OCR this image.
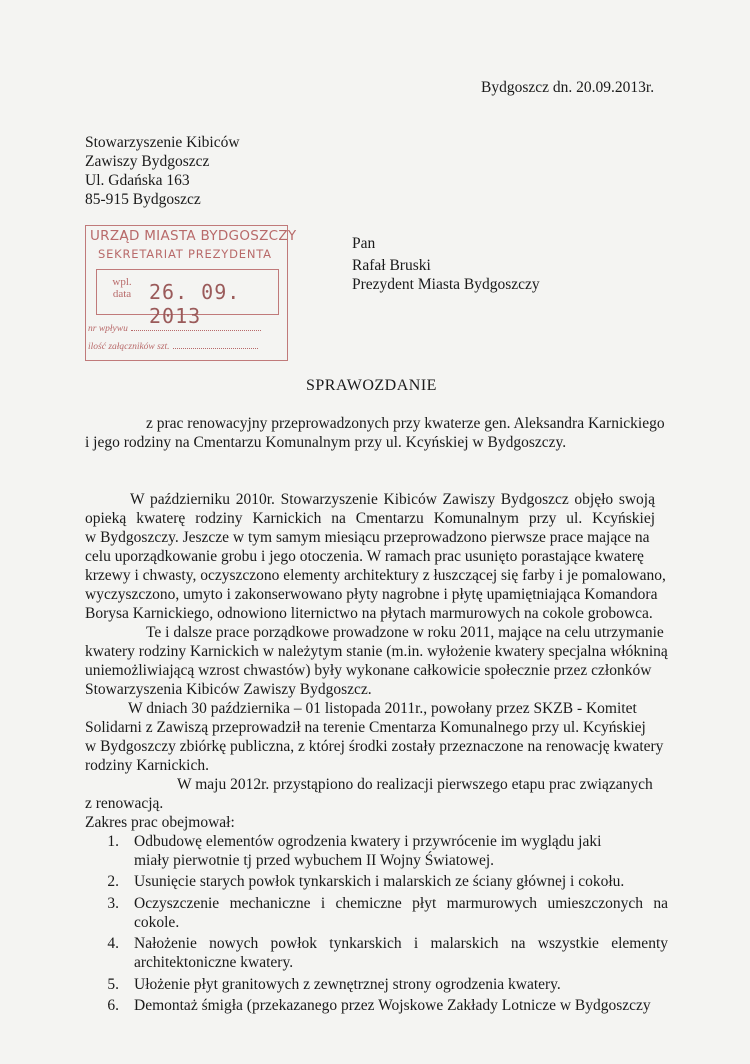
Bydgoszcz dn. 20.09.2013r.
Stowarzyszenie Kibiców
Zawiszy Bydgoszcz
Ul. Gdańska 163
85-915 Bydgoszcz
URZĄD MIASTA BYDGOSZCZY
SEKRETARIAT PREZYDENTA
wpl. data 26. 09. 2013
nr wpływu
ilość załączników szt.
Pan
Rafał Bruski
Prezydent Miasta Bydgoszczy
SPRAWOZDANIE
z prac renowacyjny przeprowadzonych przy kwaterze gen. Aleksandra Karnickiego
i jego rodziny na Cmentarzu Komunalnym przy ul. Kcyńskiej w Bydgoszczy.
W październiku 2010r. Stowarzyszenie Kibiców Zawiszy Bydgoszcz objęło swoją
opieką kwaterę rodziny Karnickich na Cmentarzu Komunalnym przy ul. Kcyńskiej
w Bydgoszczy. Jeszcze w tym samym miesiącu przeprowadzono pierwsze prace mające na
celu uporządkowanie grobu i jego otoczenia. W ramach prac usunięto porastające kwaterę
krzewy i chwasty, oczyszczono elementy architektury z łuszczącej się farby i je pomalowano,
wyczyszczono, umyto i zakonserwowano płyty nagrobne i płytę upamiętniająca Komandora
Borysa Karnickiego, odnowiono liternictwo na płytach marmurowych na cokole grobowca.
Te i dalsze prace porządkowe prowadzone w roku 2011, mające na celu utrzymanie
kwatery rodziny Karnickich w należytym stanie (m.in. wyłożenie kwatery specjalna włókniną
uniemożliwiającą wzrost chwastów) były wykonane całkowicie społecznie przez członków
Stowarzyszenia Kibiców Zawiszy Bydgoszcz.
W dniach 30 października – 01 listopada 2011r., powołany przez SKZB - Komitet
Solidarni z Zawiszą przeprowadził na terenie Cmentarza Komunalnego przy ul. Kcyńskiej
w Bydgoszczy zbiórkę publiczna, z której środki zostały przeznaczone na renowację kwatery
rodziny Karnickich.
W maju 2012r. przystąpiono do realizacji pierwszego etapu prac związanych
z renowacją.
Zakres prac obejmował:
1. Odbudowę elementów ogrodzenia kwatery i przywrócenie im wyglądu jaki
miały pierwotnie tj przed wybuchem II Wojny Światowej.
2. Usunięcie starych powłok tynkarskich i malarskich ze ściany głównej i cokołu.
3. Oczyszczenie mechaniczne i chemiczne płyt marmurowych umieszczonych na
cokole.
4. Nałożenie nowych powłok tynkarskich i malarskich na wszystkie elementy
architektoniczne kwatery.
5. Ułożenie płyt granitowych z zewnętrznej strony ogrodzenia kwatery.
6. Demontaż śmigła (przekazanego przez Wojskowe Zakłady Lotnicze w Bydgoszczy
